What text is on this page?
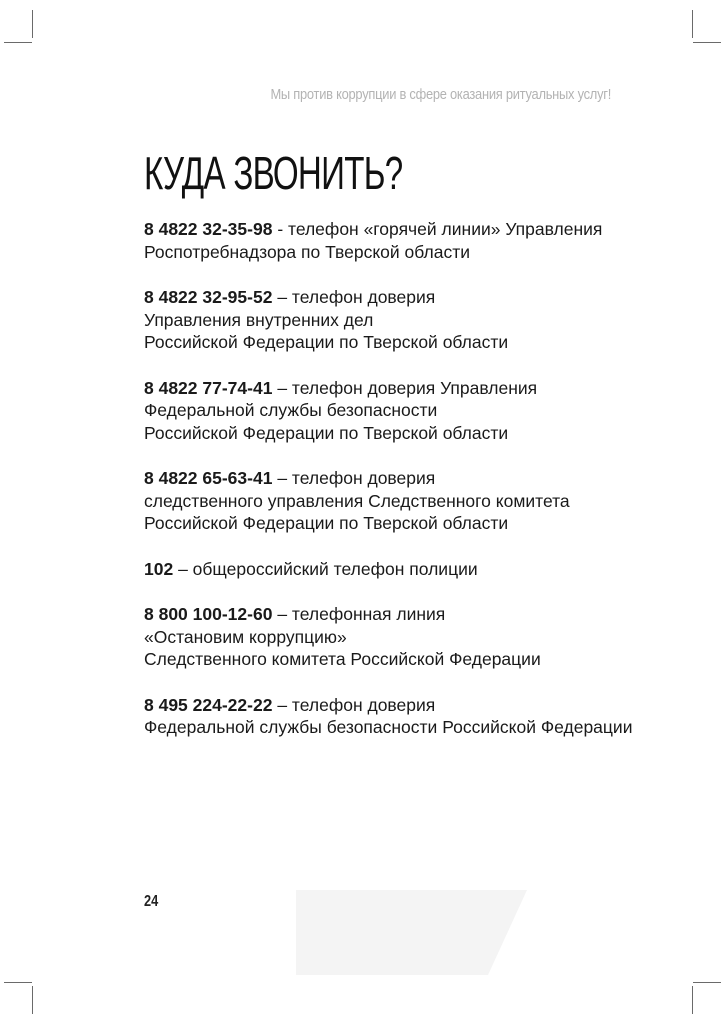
Мы против коррупции в сфере оказания ритуальных услуг!
КУДА ЗВОНИТЬ?
8 4822 32-35-98 - телефон «горячей линии» Управления
Роспотребнадзора по Тверской области
8 4822 32-95-52 – телефон доверия
Управления внутренних дел
Российской Федерации по Тверской области
8 4822 77-74-41 – телефон доверия Управления
Федеральной службы безопасности
Российской Федерации по Тверской области
8 4822 65-63-41 – телефон доверия
следственного управления Следственного комитета
Российской Федерации по Тверской области
102 – общероссийский телефон полиции
8 800 100-12-60 – телефонная линия
«Остановим коррупцию»
Следственного комитета Российской Федерации
8 495 224-22-22 – телефон доверия
Федеральной службы безопасности Российской Федерации
24
